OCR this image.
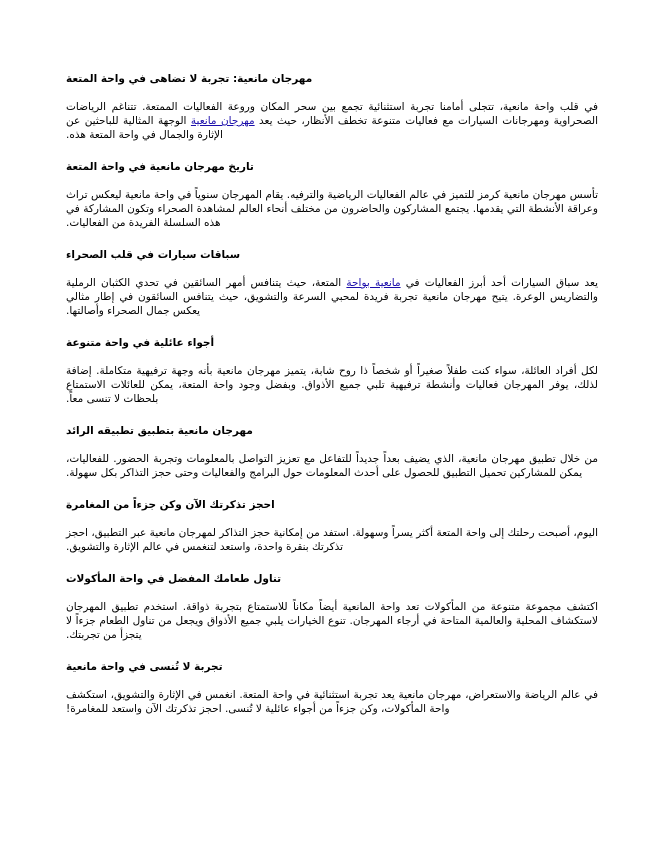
مهرجان مانعية: تجربة لا تضاهى في واحة المتعة

في قلب واحة مانعية، تتجلى أمامنا تجربة استثنائية تجمع بين سحر المكان وروعة الفعاليات الممتعة. تتناغم الرياضات الصحراوية ومهرجانات السيارات مع فعاليات متنوعة تخطف الأنظار، حيث يعد مهرجان مانعية الوجهة المثالية للباحثين عن الإثارة والجمال في واحة المتعة هذه.

تاريخ مهرجان مانعية في واحة المتعة

تأسس مهرجان مانعية كرمز للتميز في عالم الفعاليات الرياضية والترفيه. يقام المهرجان سنوياً في واحة مانعية ليعكس تراث وعراقة الأنشطة التي يقدمها. يجتمع المشاركون والحاضرون من مختلف أنحاء العالم لمشاهدة الصحراء وتكون المشاركة في هذه السلسلة الفريدة من الفعاليات.

سباقات سيارات في قلب الصحراء

يعد سباق السيارات أحد أبرز الفعاليات في مانعية بواحة المتعة، حيث يتنافس أمهر السائقين في تحدي الكثبان الرملية والتضاريس الوعرة. يتيح مهرجان مانعية تجربة فريدة لمحبي السرعة والتشويق، حيث يتنافس السائقون في إطار مثالي يعكس جمال الصحراء وأصالتها.

أجواء عائلية في واحة متنوعة

لكل أفراد العائلة، سواء كنت طفلاً صغيراً أو شخصاً ذا روح شابة، يتميز مهرجان مانعية بأنه وجهة ترفيهية متكاملة. إضافة لذلك، يوفر المهرجان فعاليات وأنشطة ترفيهية تلبي جميع الأذواق. وبفضل وجود واحة المتعة، يمكن للعائلات الاستمتاع بلحظات لا تنسى معاً.

مهرجان مانعية بتطبيق تطبيقه الرائد

من خلال تطبيق مهرجان مانعية، الذي يضيف بعداً جديداً للتفاعل مع تعزيز التواصل بالمعلومات وتجربة الحضور. للفعاليات، يمكن للمشاركين تحميل التطبيق للحصول على أحدث المعلومات حول البرامج والفعاليات وحتى حجز التذاكر بكل سهولة.

احجز تذكرتك الآن وكن جزءاً من المغامرة

اليوم، أصبحت رحلتك إلى واحة المتعة أكثر يسراً وسهولة. استفد من إمكانية حجز التذاكر لمهرجان مانعية عبر التطبيق، احجز تذكرتك بنقرة واحدة، واستعد لتنغمس في عالم الإثارة والتشويق.

تناول طعامك المفضل في واحة المأكولات

اكتشف مجموعة متنوعة من المأكولات تعد واحة المانعية أيضاً مكاناً للاستمتاع بتجربة ذواقة. استخدم تطبيق المهرجان لاستكشاف المحلية والعالمية المتاحة في أرجاء المهرجان. تنوع الخيارات يلبي جميع الأذواق ويجعل من تناول الطعام جزءاً لا يتجزأ من تجربتك.

تجربة لا تُنسى في واحة مانعية

في عالم الرياضة والاستعراض، مهرجان مانعية يعد تجربة استثنائية في واحة المتعة. انغمس في الإثارة والتشويق، استكشف واحة المأكولات، وكن جزءاً من أجواء عائلية لا تُنسى. احجز تذكرتك الآن واستعد للمغامرة!
